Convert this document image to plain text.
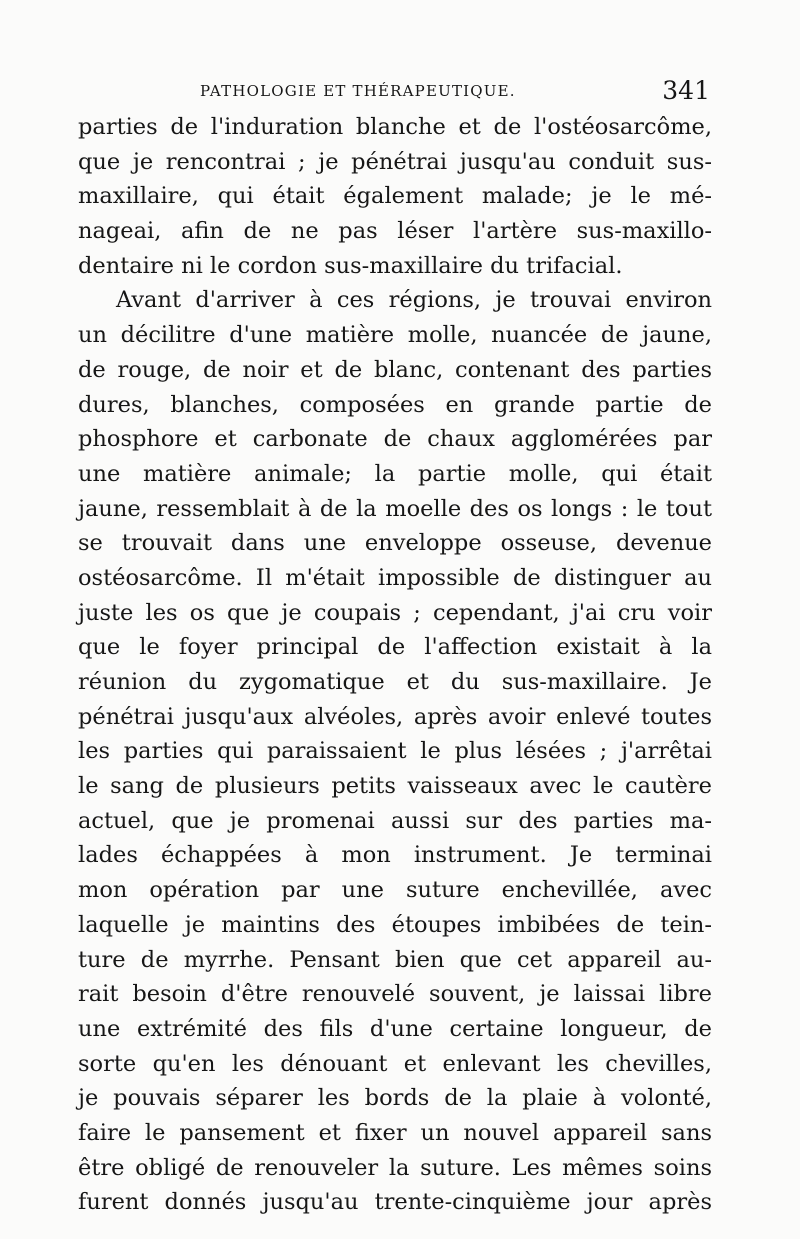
PATHOLOGIE ET THÉRAPEUTIQUE.	341
parties de l'induration blanche et de l'ostéosarcôme,
que je rencontrai ; je pénétrai jusqu'au conduit sus-
maxillaire, qui était également malade; je le mé-
nageai, afin de ne pas léser l'artère sus-maxillo-
dentaire ni le cordon sus-maxillaire du trifacial.
Avant d'arriver à ces régions, je trouvai environ
un décilitre d'une matière molle, nuancée de jaune,
de rouge, de noir et de blanc, contenant des parties
dures, blanches, composées en grande partie de
phosphore et carbonate de chaux agglomérées par
une matière animale; la partie molle, qui était
jaune, ressemblait à de la moelle des os longs : le tout
se trouvait dans une enveloppe osseuse, devenue
ostéosarcôme. Il m'était impossible de distinguer au
juste les os que je coupais ; cependant, j'ai cru voir
que le foyer principal de l'affection existait à la
réunion du zygomatique et du sus-maxillaire. Je
pénétrai jusqu'aux alvéoles, après avoir enlevé toutes
les parties qui paraissaient le plus lésées ; j'arrêtai
le sang de plusieurs petits vaisseaux avec le cautère
actuel, que je promenai aussi sur des parties ma-
lades échappées à mon instrument. Je terminai
mon opération par une suture enchevillée, avec
laquelle je maintins des étoupes imbibées de tein-
ture de myrrhe. Pensant bien que cet appareil au-
rait besoin d'être renouvelé souvent, je laissai libre
une extrémité des fils d'une certaine longueur, de
sorte qu'en les dénouant et enlevant les chevilles,
je pouvais séparer les bords de la plaie à volonté,
faire le pansement et fixer un nouvel appareil sans
être obligé de renouveler la suture. Les mêmes soins
furent donnés jusqu'au trente-cinquième jour après
